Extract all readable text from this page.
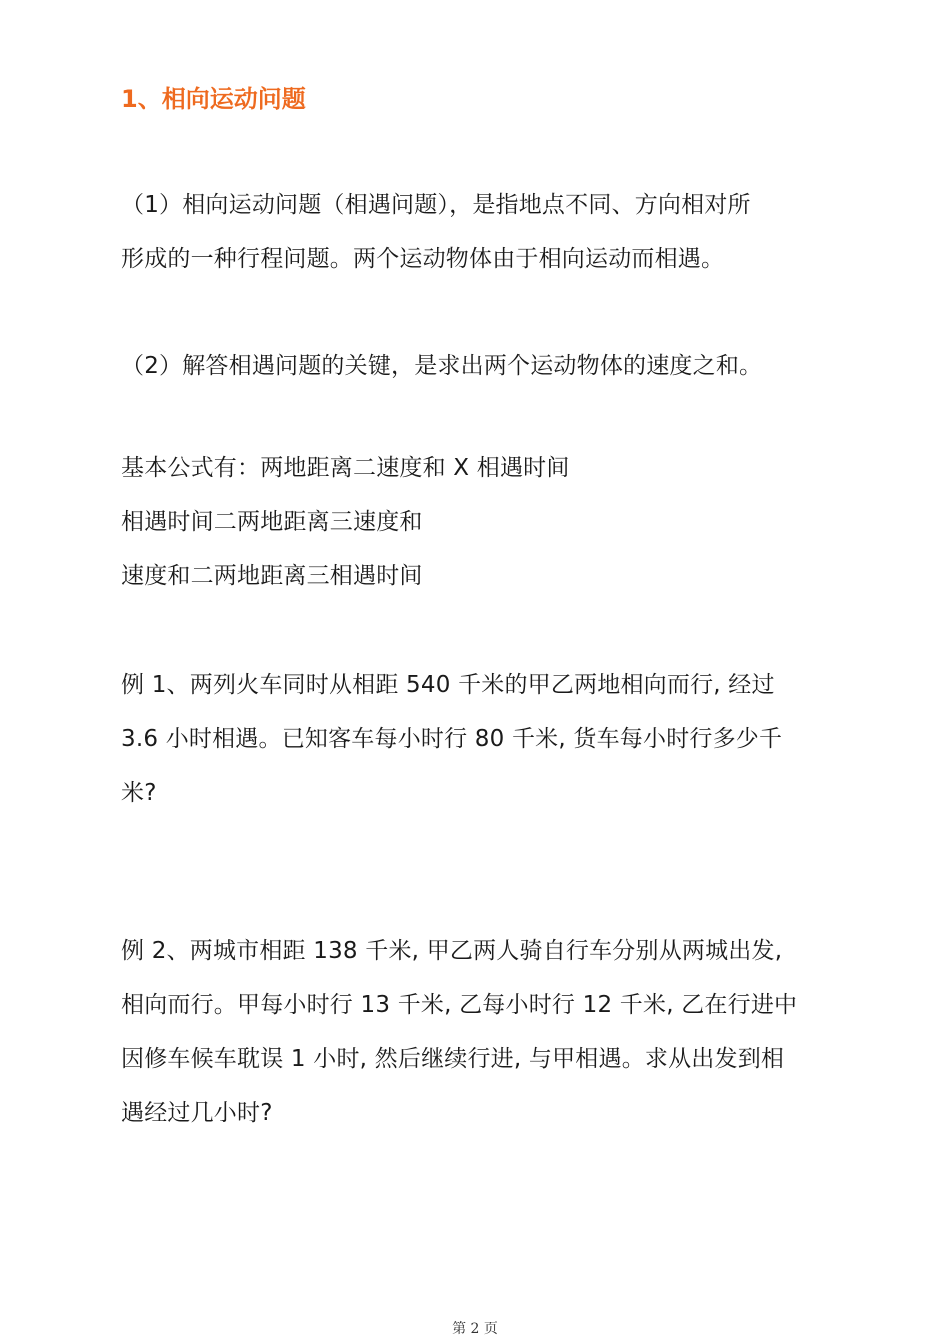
1、相向运动问题
（1）相向运动问题（相遇问题），是指地点不同、方向相对所
形成的一种行程问题。两个运动物体由于相向运动而相遇。
（2）解答相遇问题的关键，是求出两个运动物体的速度之和。
基本公式有：两地距离二速度和 X 相遇时间
相遇时间二两地距离三速度和
速度和二两地距离三相遇时间
例 1、两列火车同时从相距 540 千米的甲乙两地相向而行, 经过
3.6 小时相遇。已知客车每小时行 80 千米, 货车每小时行多少千
米?
例 2、两城市相距 138 千米, 甲乙两人骑自行车分别从两城出发,
相向而行。甲每小时行 13 千米, 乙每小时行 12 千米, 乙在行进中
因修车候车耽误 1 小时, 然后继续行进, 与甲相遇。求从出发到相
遇经过几小时?
第 2 页
